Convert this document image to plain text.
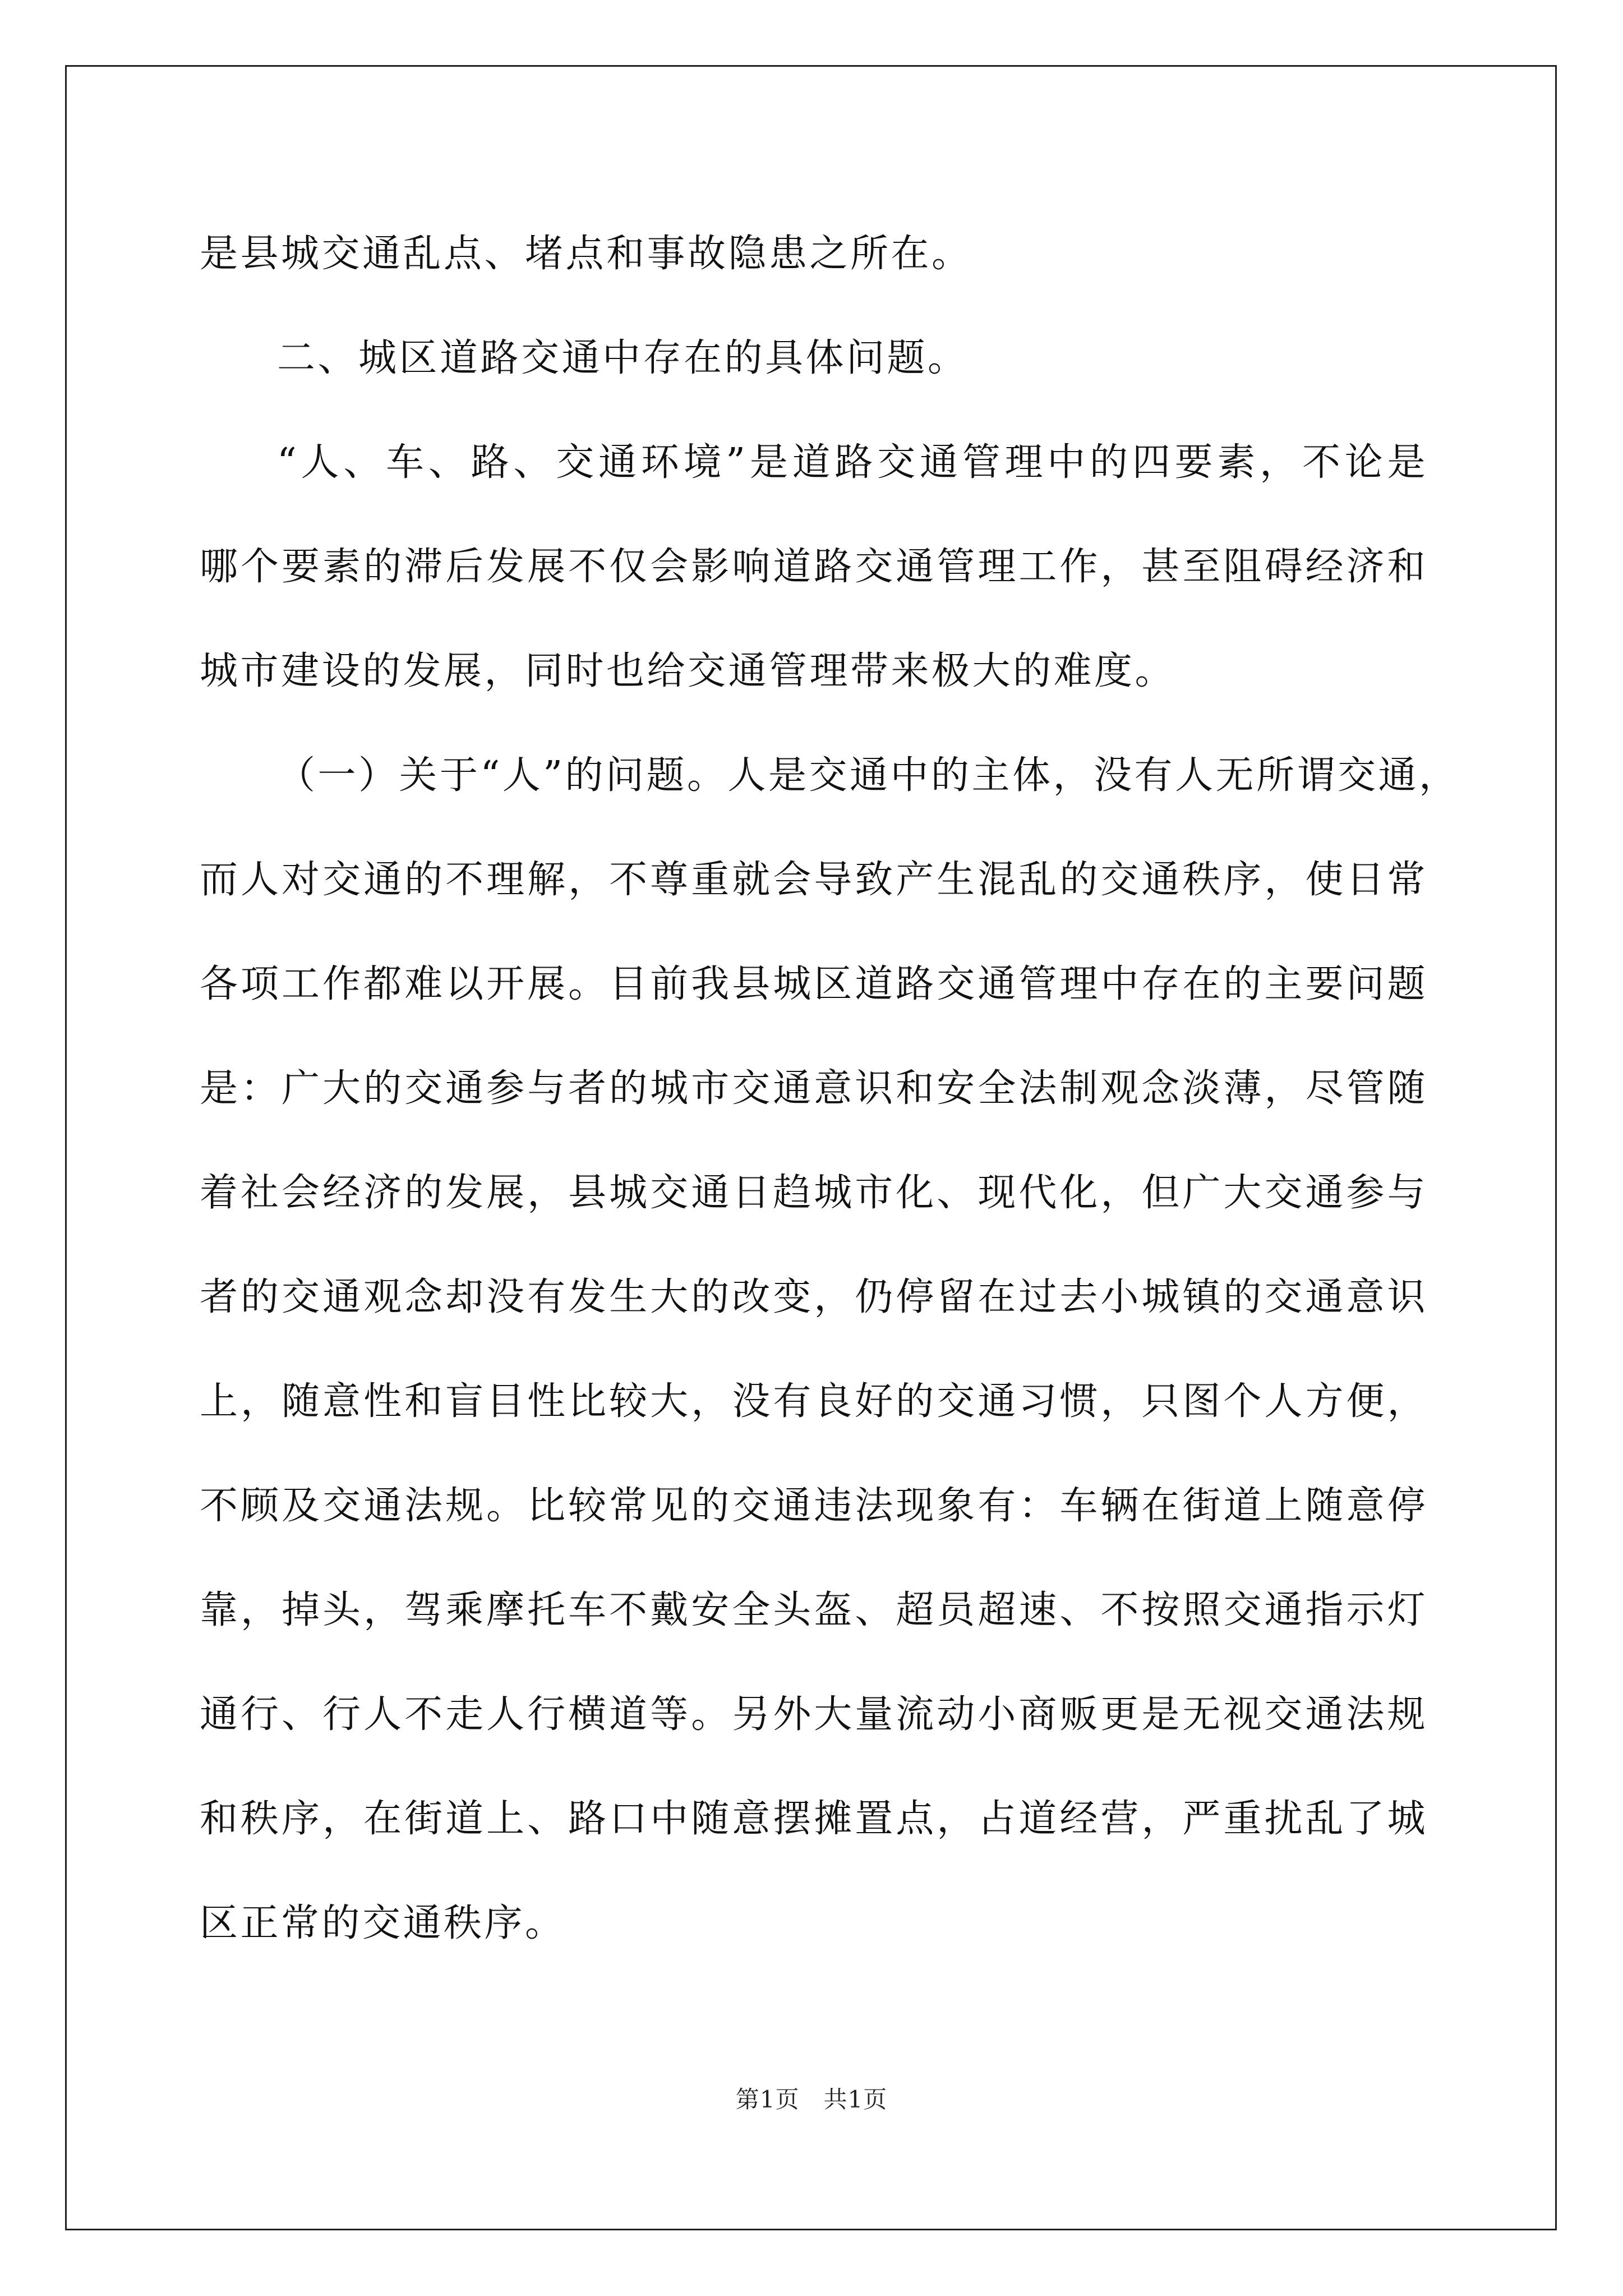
是县城交通乱点、堵点和事故隐患之所在。
二、城区道路交通中存在的具体问题。
“人、车、路、交通环境”是道路交通管理中的四要素，不论是
哪个要素的滞后发展不仅会影响道路交通管理工作，甚至阻碍经济和
城市建设的发展，同时也给交通管理带来极大的难度。
（一）关于“人”的问题。人是交通中的主体，没有人无所谓交通，
而人对交通的不理解，不尊重就会导致产生混乱的交通秩序，使日常
各项工作都难以开展。目前我县城区道路交通管理中存在的主要问题
是：广大的交通参与者的城市交通意识和安全法制观念淡薄，尽管随
着社会经济的发展，县城交通日趋城市化、现代化，但广大交通参与
者的交通观念却没有发生大的改变，仍停留在过去小城镇的交通意识
上，随意性和盲目性比较大，没有良好的交通习惯，只图个人方便，
不顾及交通法规。比较常见的交通违法现象有：车辆在街道上随意停
靠，掉头，驾乘摩托车不戴安全头盔、超员超速、不按照交通指示灯
通行、行人不走人行横道等。另外大量流动小商贩更是无视交通法规
和秩序，在街道上、路口中随意摆摊置点，占道经营，严重扰乱了城
区正常的交通秩序。
第1页　共1页
